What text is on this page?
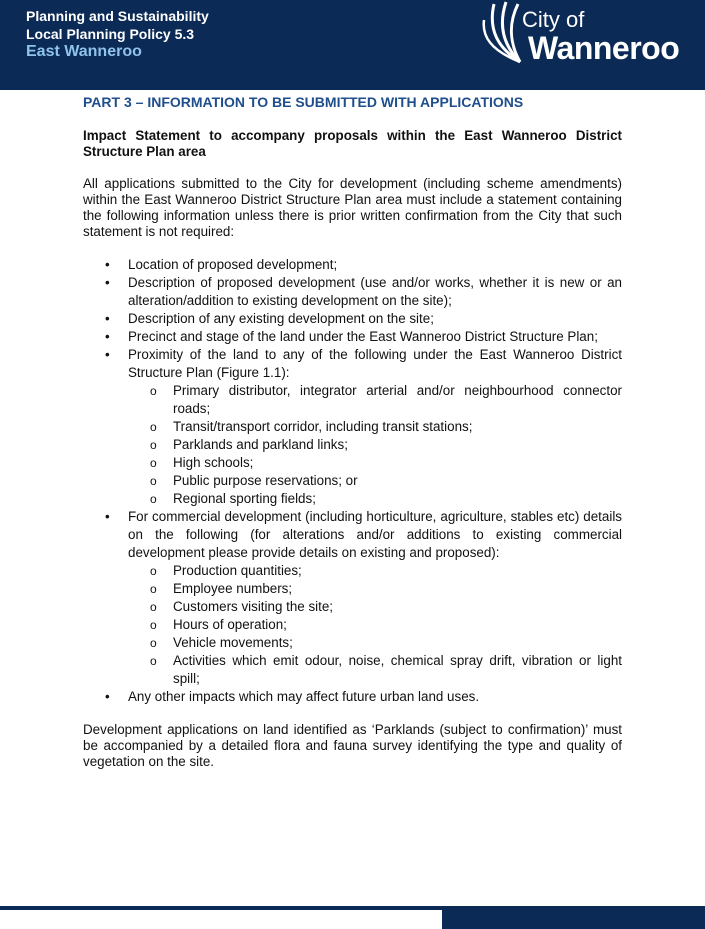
Planning and Sustainability
Local Planning Policy 5.3
East Wanneroo
City of
Wanneroo
PART 3 – INFORMATION TO BE SUBMITTED WITH APPLICATIONS
Impact Statement to accompany proposals within the East Wanneroo District Structure Plan area
All applications submitted to the City for development (including scheme amendments) within the East Wanneroo District Structure Plan area must include a statement containing the following information unless there is prior written confirmation from the City that such statement is not required:
• Location of proposed development;
• Description of proposed development (use and/or works, whether it is new or an alteration/addition to existing development on the site);
• Description of any existing development on the site;
• Precinct and stage of the land under the East Wanneroo District Structure Plan;
• Proximity of the land to any of the following under the East Wanneroo District Structure Plan (Figure 1.1):
o Primary distributor, integrator arterial and/or neighbourhood connector roads;
o Transit/transport corridor, including transit stations;
o Parklands and parkland links;
o High schools;
o Public purpose reservations; or
o Regional sporting fields;
• For commercial development (including horticulture, agriculture, stables etc) details on the following (for alterations and/or additions to existing commercial development please provide details on existing and proposed):
o Production quantities;
o Employee numbers;
o Customers visiting the site;
o Hours of operation;
o Vehicle movements;
o Activities which emit odour, noise, chemical spray drift, vibration or light spill;
• Any other impacts which may affect future urban land uses.
Development applications on land identified as ‘Parklands (subject to confirmation)’ must be accompanied by a detailed flora and fauna survey identifying the type and quality of vegetation on the site.
